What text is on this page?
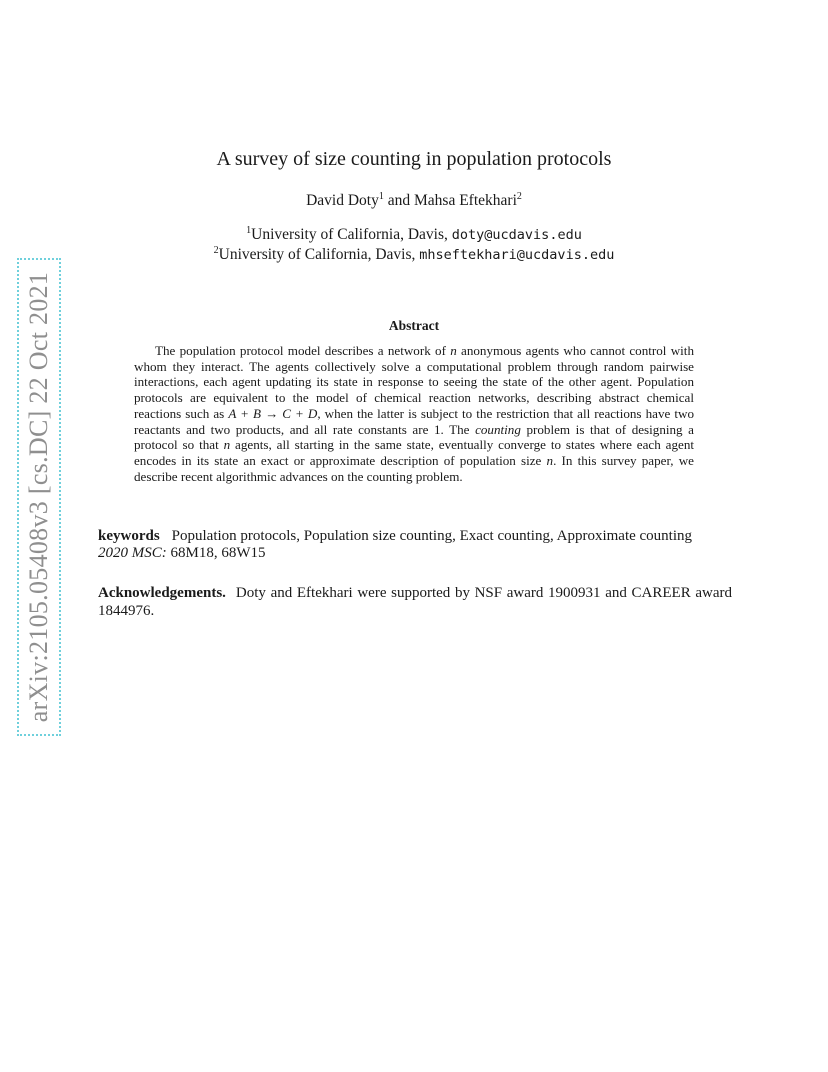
arXiv:2105.05408v3 [cs.DC] 22 Oct 2021
A survey of size counting in population protocols
David Doty$^1$ and Mahsa Eftekhari$^2$
$^1$University of California, Davis, doty@ucdavis.edu
$^2$University of California, Davis, mhseftekhari@ucdavis.edu
Abstract

The population protocol model describes a network of n anonymous agents who cannot control with whom they interact. The agents collectively solve a computational problem through random pairwise interactions, each agent updating its state in response to seeing the state of the other agent. Population protocols are equivalent to the model of chemical reaction networks, describing abstract chemical reactions such as A + B → C + D, when the latter is subject to the restriction that all reactions have two reactants and two products, and all rate constants are 1. The counting problem is that of designing a protocol so that n agents, all starting in the same state, eventually converge to states where each agent encodes in its state an exact or approximate description of population size n. In this survey paper, we describe recent algorithmic advances on the counting problem.

keywords Population protocols, Population size counting, Exact counting, Approximate counting
2020 MSC: 68M18, 68W15
Acknowledgements. Doty and Eftekhari were supported by NSF award 1900931 and CAREER award 1844976.
